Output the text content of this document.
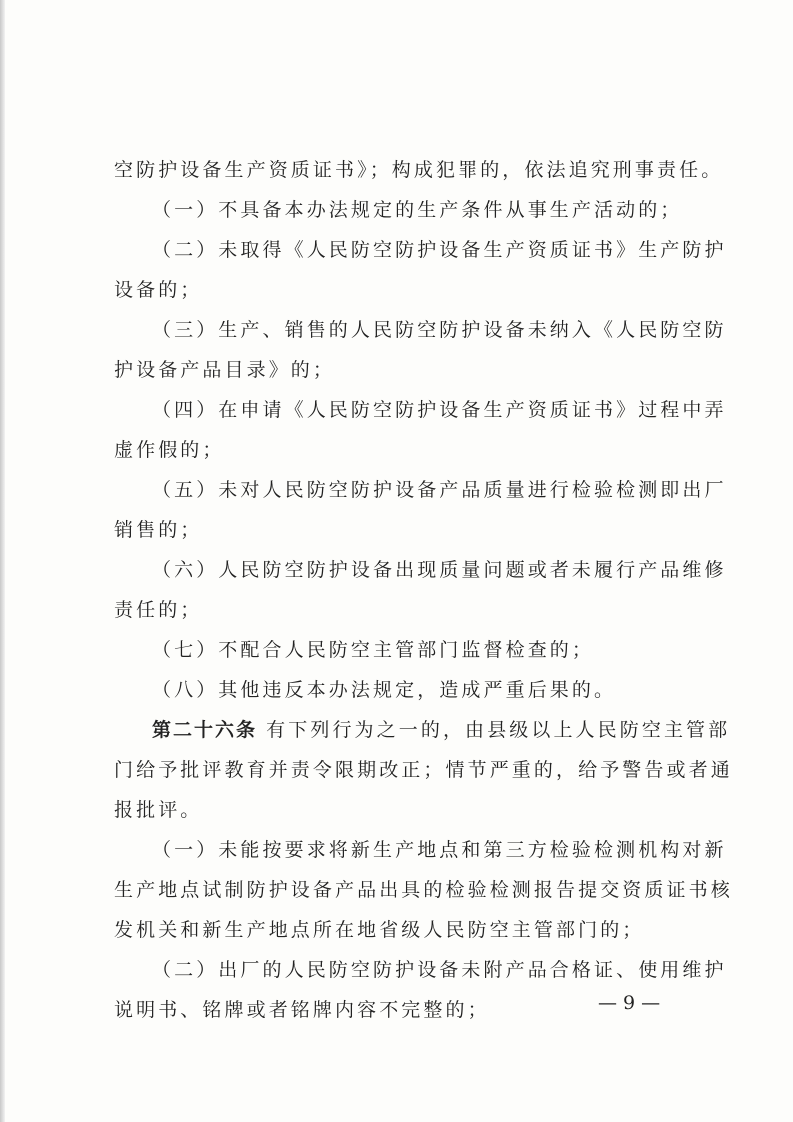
空防护设备生产资质证书》；构成犯罪的，依法追究刑事责任。
（一）不具备本办法规定的生产条件从事生产活动的；
（二）未取得《人民防空防护设备生产资质证书》生产防护
设备的；
（三）生产、销售的人民防空防护设备未纳入《人民防空防
护设备产品目录》的；
（四）在申请《人民防空防护设备生产资质证书》过程中弄
虚作假的；
（五）未对人民防空防护设备产品质量进行检验检测即出厂
销售的；
（六）人民防空防护设备出现质量问题或者未履行产品维修
责任的；
（七）不配合人民防空主管部门监督检查的；
（八）其他违反本办法规定，造成严重后果的。
第二十六条 有下列行为之一的，由县级以上人民防空主管部
门给予批评教育并责令限期改正；情节严重的，给予警告或者通
报批评。
（一）未能按要求将新生产地点和第三方检验检测机构对新
生产地点试制防护设备产品出具的检验检测报告提交资质证书核
发机关和新生产地点所在地省级人民防空主管部门的；
（二）出厂的人民防空防护设备未附产品合格证、使用维护
说明书、铭牌或者铭牌内容不完整的；	— 9 —
